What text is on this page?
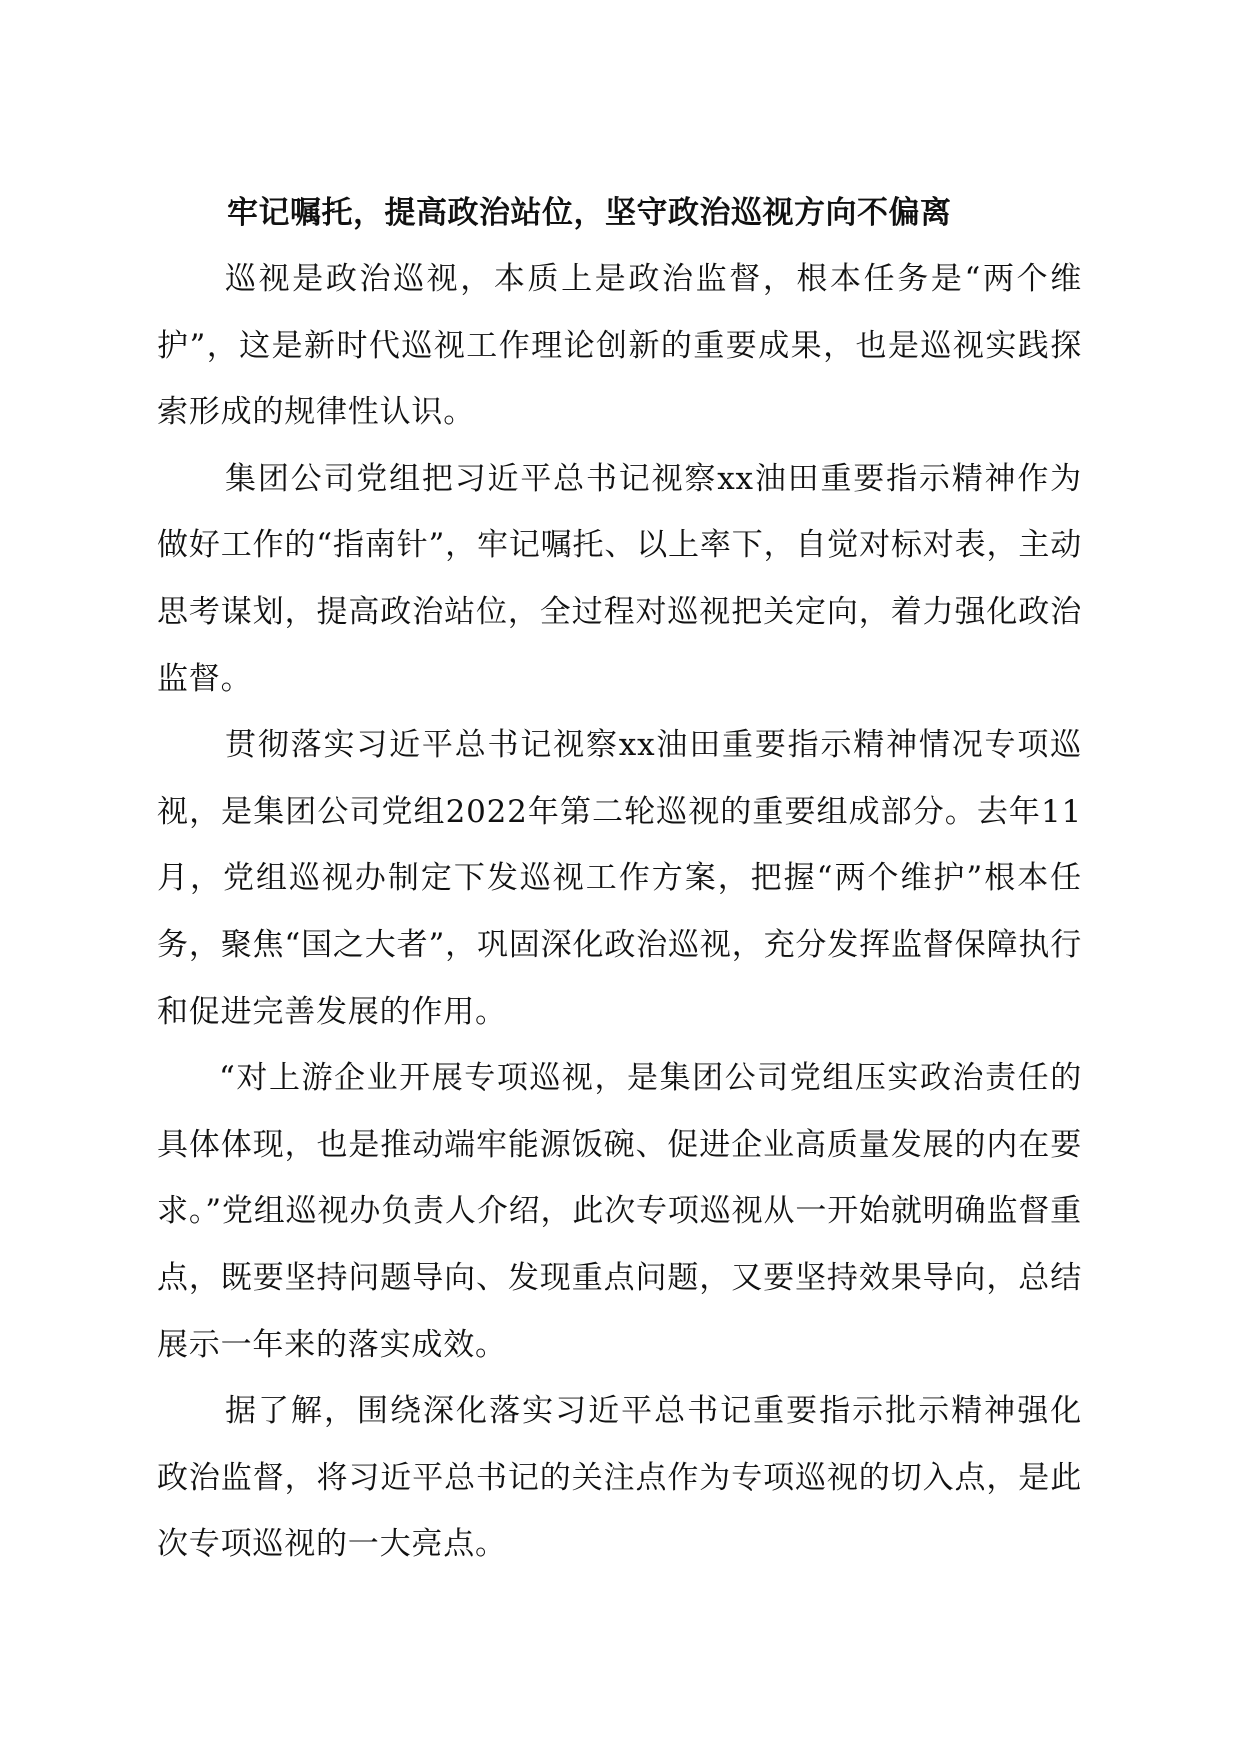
牢记嘱托，提高政治站位，坚守政治巡视方向不偏离

巡视是政治巡视，本质上是政治监督，根本任务是“两个维护”，这是新时代巡视工作理论创新的重要成果，也是巡视实践探索形成的规律性认识。

集团公司党组把习近平总书记视察xx油田重要指示精神作为做好工作的“指南针”，牢记嘱托、以上率下，自觉对标对表，主动思考谋划，提高政治站位，全过程对巡视把关定向，着力强化政治监督。

贯彻落实习近平总书记视察xx油田重要指示精神情况专项巡视，是集团公司党组2022年第二轮巡视的重要组成部分。去年11月，党组巡视办制定下发巡视工作方案，把握“两个维护”根本任务，聚焦“国之大者”，巩固深化政治巡视，充分发挥监督保障执行和促进完善发展的作用。

“对上游企业开展专项巡视，是集团公司党组压实政治责任的具体体现，也是推动端牢能源饭碗、促进企业高质量发展的内在要求。”党组巡视办负责人介绍，此次专项巡视从一开始就明确监督重点，既要坚持问题导向、发现重点问题，又要坚持效果导向，总结展示一年来的落实成效。

据了解，围绕深化落实习近平总书记重要指示批示精神强化政治监督，将习近平总书记的关注点作为专项巡视的切入点，是此次专项巡视的一大亮点。
